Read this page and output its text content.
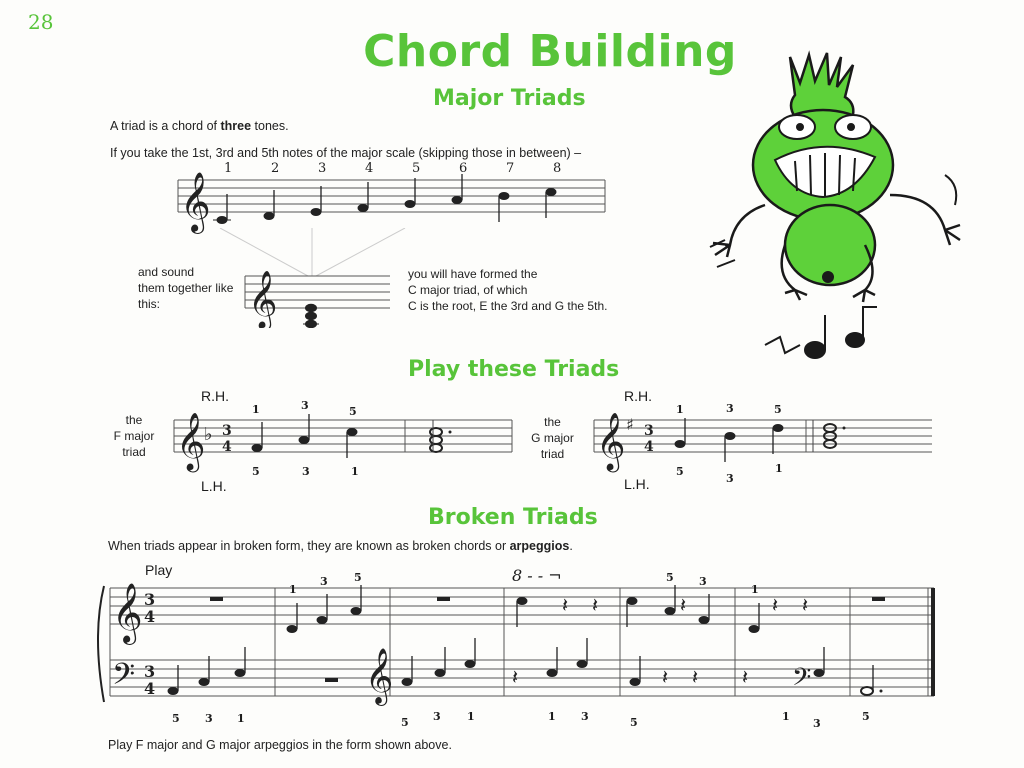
28
Chord Building
Major Triads
A triad is a chord of three tones.
If you take the 1st, 3rd and 5th notes of the major scale (skipping those in between) –
𝄞
1	2	3	4	5	6	7	8
and sound
them together like
this:	𝄞	you will have formed the
C major triad, of which
C is the root, E the 3rd and G the 5th.
Play these Triads
R.H.
L.H.
the
F major
triad 𝄞
♭ 3
4
1	3	5
5	3	1
R.H.
L.H.
the
G major
triad 𝄞 ♯ 3
4
1	3	5
5
3
1
Broken Triads
When triads appear in broken form, they are known as broken chords or arpeggios.
Play	8 - - ¬
𝄞
𝄢
3
4
3
4	𝄞	𝄢
𝄽 𝄽	𝄽	𝄽 𝄽
𝄽	𝄽 𝄽 𝄽
1
3 5	5 3
1
5 3 1	5 3 1	1 3	5	1
3
5
Play F major and G major arpeggios in the form shown above.
